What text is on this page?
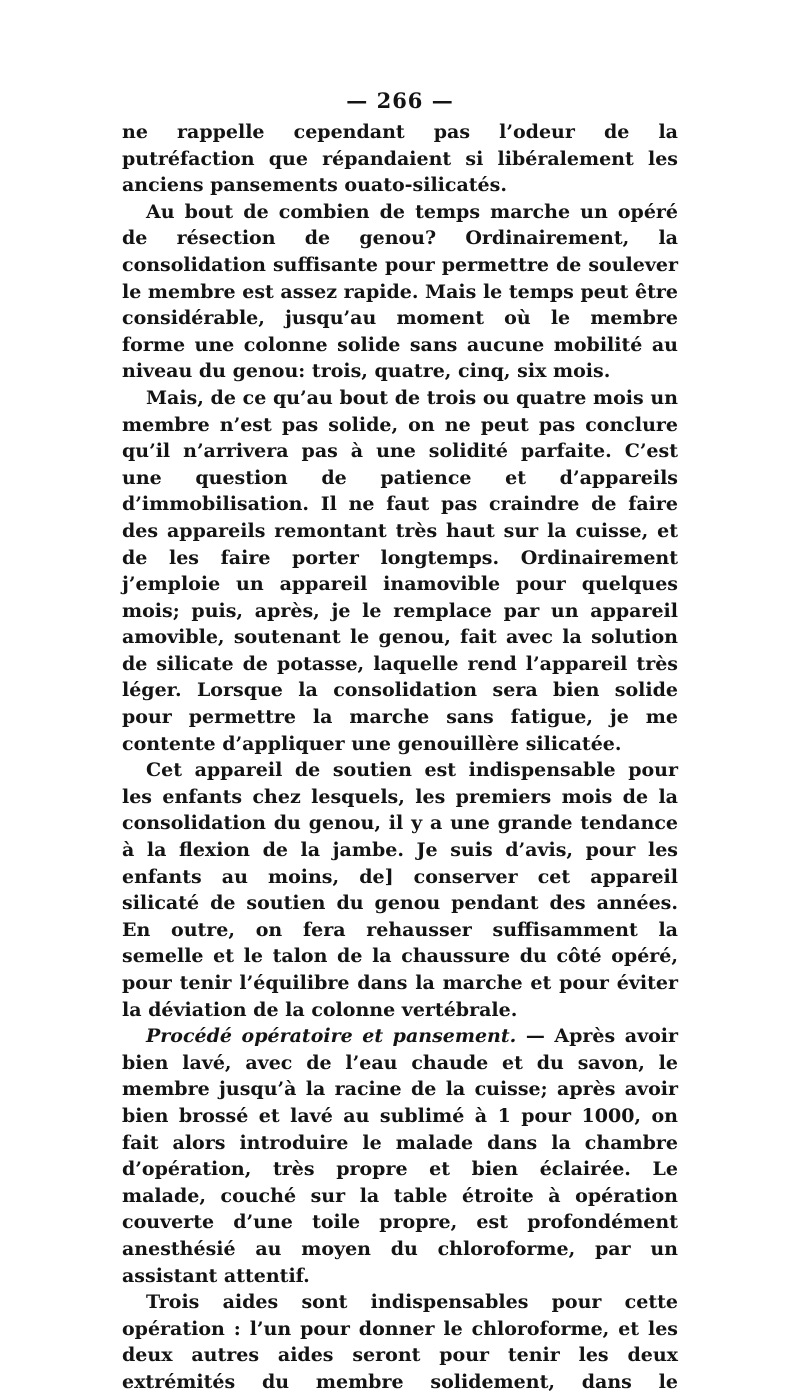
— 266 —

ne rappelle cependant pas l’odeur de la putréfaction que répandaient si libéralement les anciens pansements ouato-silicatés.

Au bout de combien de temps marche un opéré de résection de genou? Ordinairement, la consolidation suffisante pour permettre de soulever le membre est assez rapide. Mais le temps peut être considérable, jusqu’au moment où le membre forme une colonne solide sans aucune mobilité au niveau du genou: trois, quatre, cinq, six mois.

Mais, de ce qu’au bout de trois ou quatre mois un membre n’est pas solide, on ne peut pas conclure qu’il n’arrivera pas à une solidité parfaite. C’est une question de patience et d’appareils d’immobilisation. Il ne faut pas craindre de faire des appareils remontant très haut sur la cuisse, et de les faire porter longtemps. Ordinairement j’emploie un appareil inamovible pour quelques mois; puis, après, je le remplace par un appareil amovible, soutenant le genou, fait avec la solution de silicate de potasse, laquelle rend l’appareil très léger. Lorsque la consolidation sera bien solide pour permettre la marche sans fatigue, je me contente d’appliquer une genouillère silicatée.

Cet appareil de soutien est indispensable pour les enfants chez lesquels, les premiers mois de la consolidation du genou, il y a une grande tendance à la flexion de la jambe. Je suis d’avis, pour les enfants au moins, de] conserver cet appareil silicaté de soutien du genou pendant des années. En outre, on fera rehausser suffisamment la semelle et le talon de la chaussure du côté opéré, pour tenir l’équilibre dans la marche et pour éviter la déviation de la colonne vertébrale.

Procédé opératoire et pansement. — Après avoir bien lavé, avec de l’eau chaude et du savon, le membre jusqu’à la racine de la cuisse; après avoir bien brossé et lavé au sublimé à 1 pour 1000, on fait alors introduire le malade dans la chambre d’opération, très propre et bien éclairée. Le malade, couché sur la table étroite à opération couverte d’une toile propre, est profondément anesthésié au moyen du chloroforme, par un assistant attentif.

Trois aides sont indispensables pour cette opération : l’un pour donner le chloroforme, et les deux autres aides seront pour tenir les deux extrémités du membre solidement, dans le
